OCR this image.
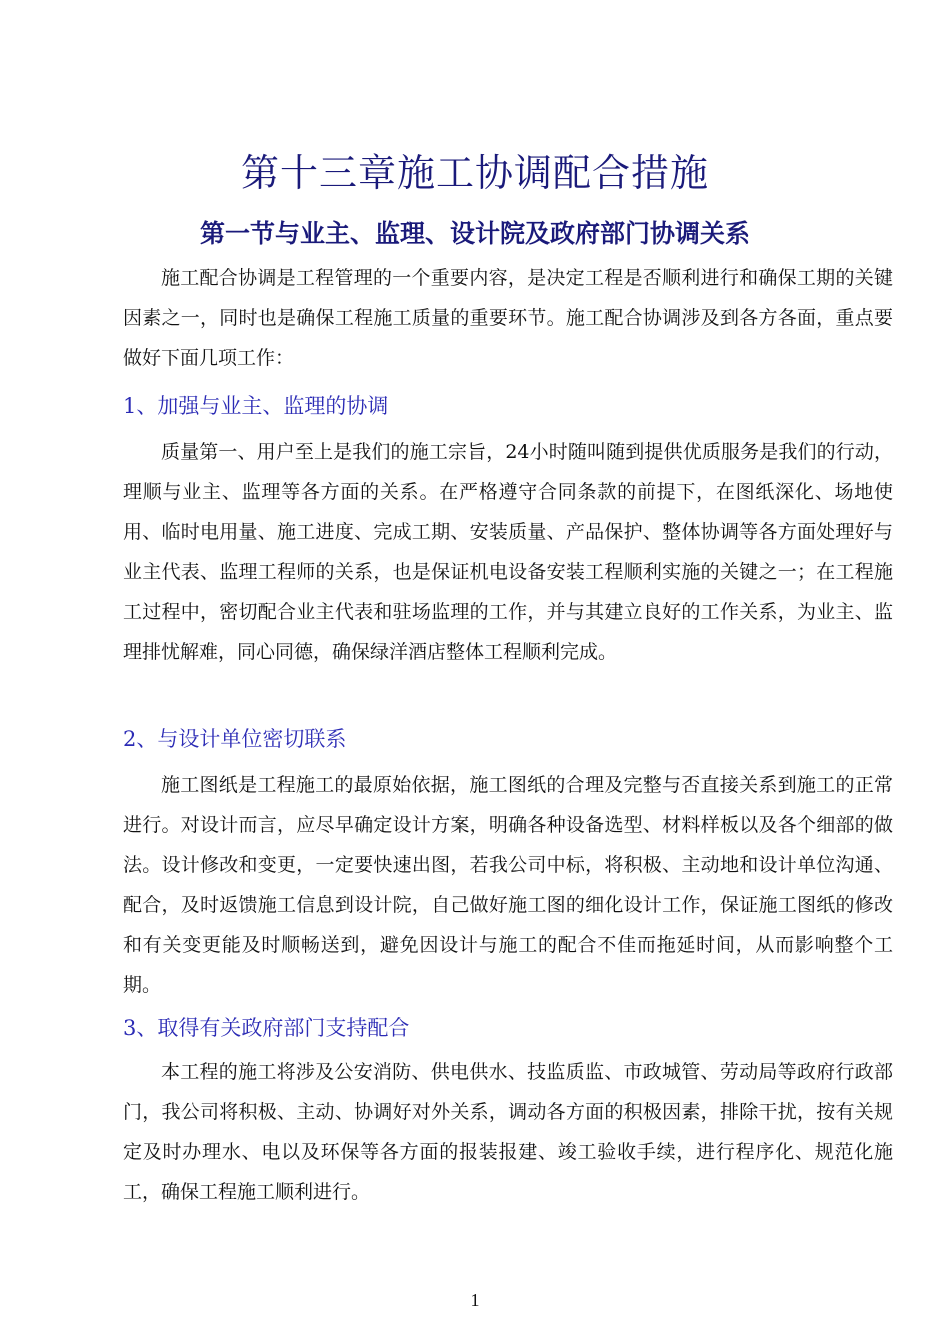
第十三章施工协调配合措施
第一节与业主、监理、设计院及政府部门协调关系

施工配合协调是工程管理的一个重要内容，是决定工程是否顺利进行和确保工期的关键因素之一，同时也是确保工程施工质量的重要环节。施工配合协调涉及到各方各面，重点要做好下面几项工作：

1、加强与业主、监理的协调

质量第一、用户至上是我们的施工宗旨，24小时随叫随到提供优质服务是我们的行动，理顺与业主、监理等各方面的关系。在严格遵守合同条款的前提下，在图纸深化、场地使用、临时电用量、施工进度、完成工期、安装质量、产品保护、整体协调等各方面处理好与业主代表、监理工程师的关系，也是保证机电设备安装工程顺利实施的关键之一；在工程施工过程中，密切配合业主代表和驻场监理的工作，并与其建立良好的工作关系，为业主、监理排忧解难，同心同德，确保绿洋酒店整体工程顺利完成。

2、与设计单位密切联系

施工图纸是工程施工的最原始依据，施工图纸的合理及完整与否直接关系到施工的正常进行。对设计而言，应尽早确定设计方案，明确各种设备选型、材料样板以及各个细部的做法。设计修改和变更，一定要快速出图，若我公司中标，将积极、主动地和设计单位沟通、配合，及时返馈施工信息到设计院，自己做好施工图的细化设计工作，保证施工图纸的修改和有关变更能及时顺畅送到，避免因设计与施工的配合不佳而拖延时间，从而影响整个工期。

3、取得有关政府部门支持配合

本工程的施工将涉及公安消防、供电供水、技监质监、市政城管、劳动局等政府行政部门，我公司将积极、主动、协调好对外关系，调动各方面的积极因素，排除干扰，按有关规定及时办理水、电以及环保等各方面的报装报建、竣工验收手续，进行程序化、规范化施工，确保工程施工顺利进行。

1
